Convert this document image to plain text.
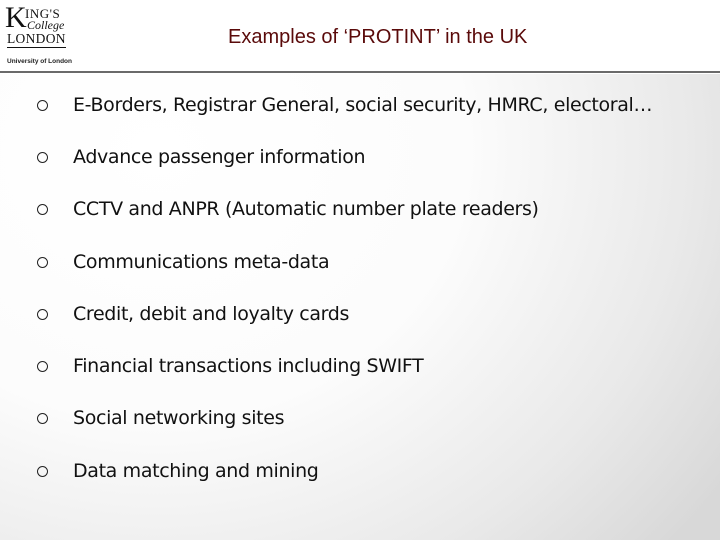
K
ING'S
College
LONDON
University of London
Examples of ‘PROTINT’ in the UK
E-Borders, Registrar General, social security, HMRC, electoral…
Advance passenger information
CCTV and ANPR (Automatic number plate readers)
Communications meta-data
Credit, debit and loyalty cards
Financial transactions including SWIFT
Social networking sites
Data matching and mining
